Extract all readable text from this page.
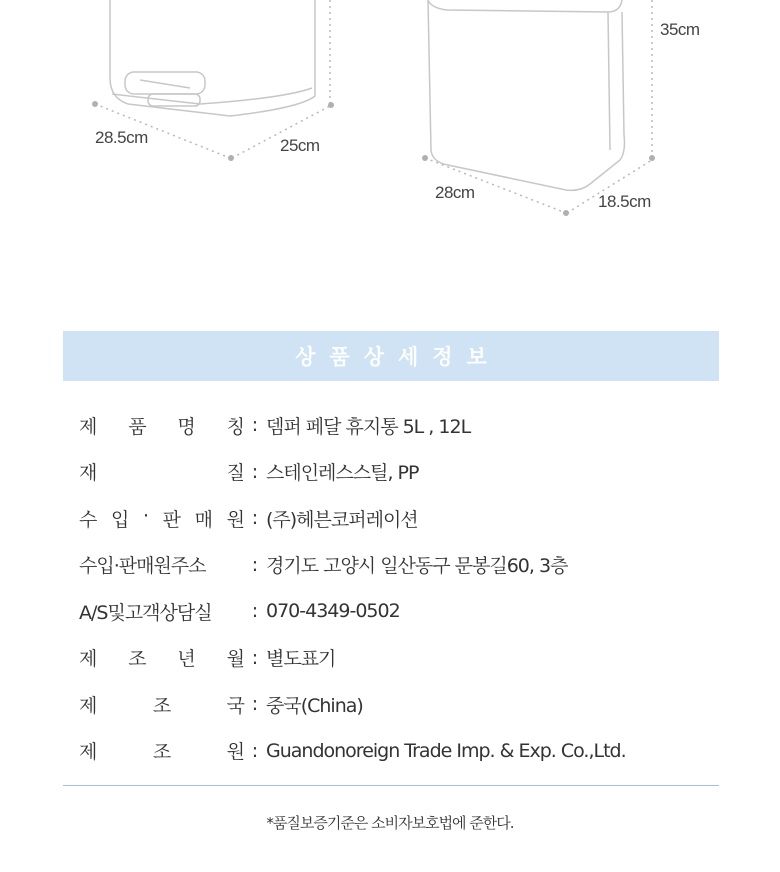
28.5cm	25cm
35cm
28cm	18.5cm
상품상세정보
제 품 명 칭 : 뎀퍼 페달 휴지통 5L , 12L
재	질 : 스테인레스스틸, PP
수 입 · 판 매 원 : (주)헤븐코퍼레이션
수입·판매원주소	: 경기도 고양시 일산동구 문봉길60, 3층
A/S및고객상담실	: 070-4349-0502
제 조 년 월 : 별도표기
제	조	국 : 중국(China)
제	조	원 : Guandonoreign Trade Imp. & Exp. Co.,Ltd.
*품질보증기준은 소비자보호법에 준한다.
